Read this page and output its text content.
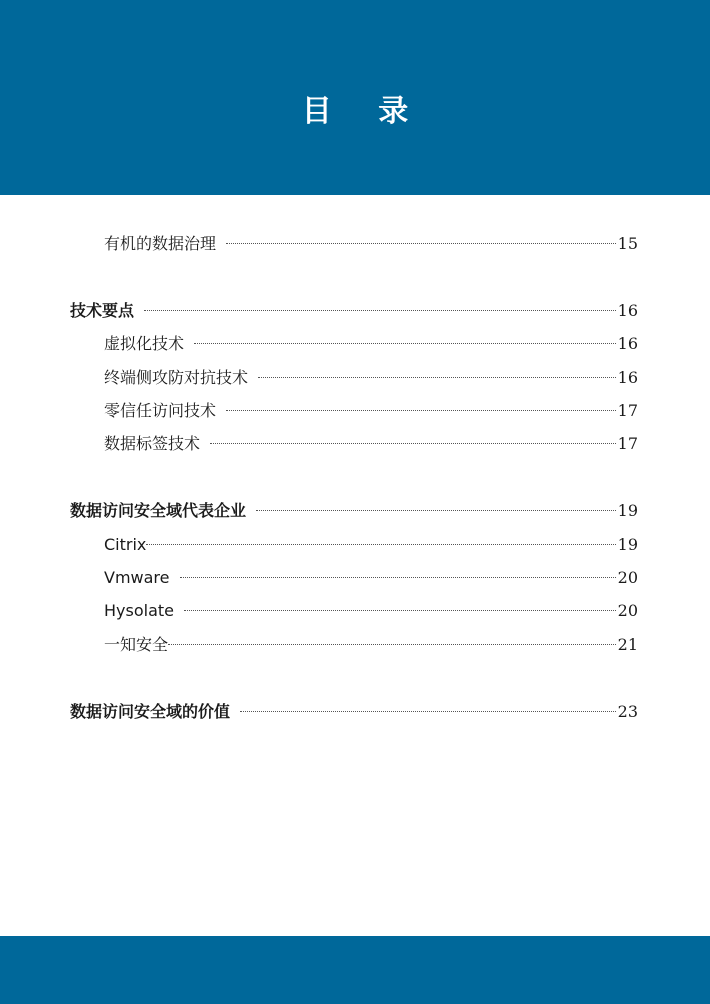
目 录
有机的数据治理	15
技术要点	16
虚拟化技术	16
终端侧攻防对抗技术	16
零信任访问技术	17
数据标签技术	17
数据访问安全域代表企业	19
Citrix	19
Vmware	20
Hysolate	20
一知安全	21
数据访问安全域的价值	23
